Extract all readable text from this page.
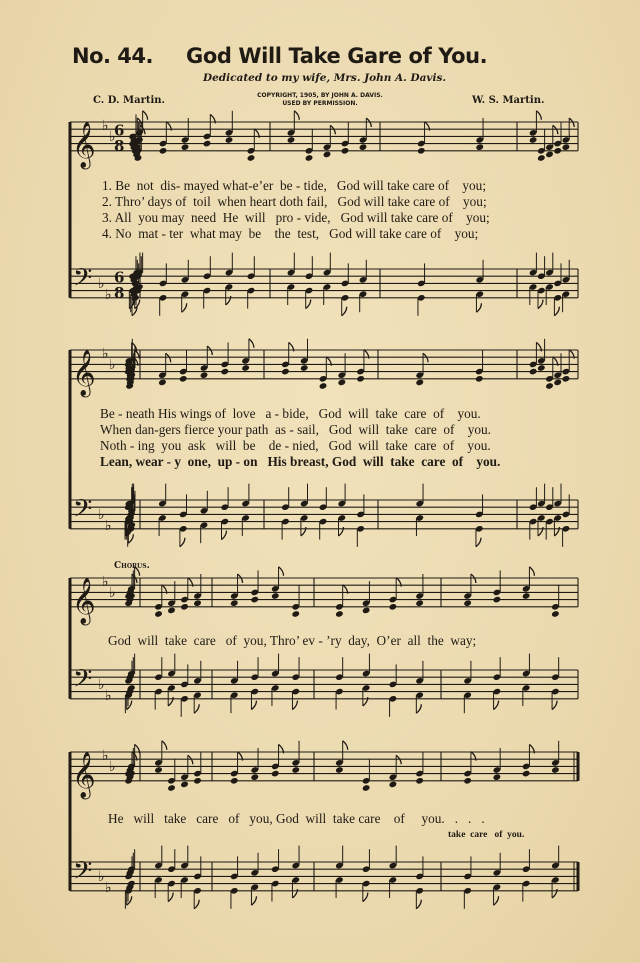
No. 44. God Will Take Gare of You.
Dedicated to my wife, Mrs. John A. Davis.
C. D. Martin.	W. S. Martin.
COPYRIGHT, 1905, BY JOHN A. DAVIS.
USED BY PERMISSION.
𝄞
𝄢
♭
♭
♭
♭
6
8
6
8
𝄞
𝄢
♭
♭
♭
♭
𝄞
𝄢
♭
♭
♭
♭
𝄞
𝄢
♭
♭
♭
♭
1. Be  not  dis- mayed what-e’er  be - tide,   God will take care of    you;
2. Thro’ days of  toil  when heart doth fail,   God will take care of    you;
3. All  you may  need  He  will   pro - vide,   God will take care of    you;
4. No  mat - ter  what may  be    the  test,   God will take care of    you;
Be - neath His wings of  love   a - bide,   God  will  take  care  of    you.
When dan-gers fierce your path  as - sail,   God  will  take  care  of    you.
Noth - ing  you  ask   will  be    de - nied,   God  will  take  care  of    you.
Lean, wear - y  one,  up - on   His breast, God  will  take  care  of    you.
Chorus.
God  will  take  care   of  you, Thro’ ev - ’ry  day,  O’er  all  the  way;
He   will   take   care   of   you, God  will  take care    of     you.   .   .   .
take  care   of  you.
